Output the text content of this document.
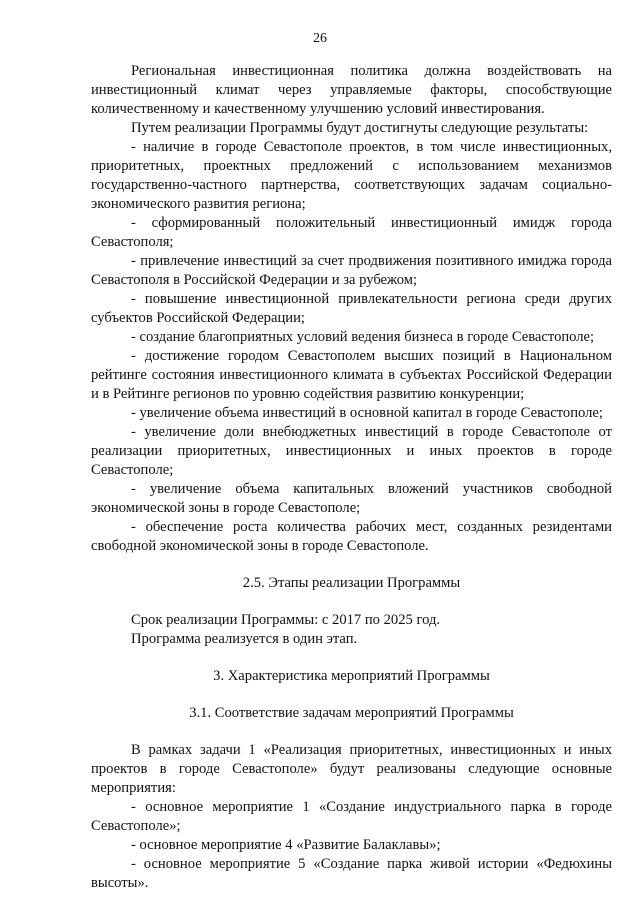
26

Региональная инвестиционная политика должна воздействовать на инвестиционный климат через управляемые факторы, способствующие количественному и качественному улучшению условий инвестирования.

Путем реализации Программы будут достигнуты следующие результаты:

- наличие в городе Севастополе проектов, в том числе инвестиционных, приоритетных, проектных предложений с использованием механизмов государственно-частного партнерства, соответствующих задачам социально-экономического развития региона;

- сформированный положительный инвестиционный имидж города Севастополя;

- привлечение инвестиций за счет продвижения позитивного имиджа города Севастополя в Российской Федерации и за рубежом;

- повышение инвестиционной привлекательности региона среди других субъектов Российской Федерации;

- создание благоприятных условий ведения бизнеса в городе Севастополе;

- достижение городом Севастополем высших позиций в Национальном рейтинге состояния инвестиционного климата в субъектах Российской Федерации и в Рейтинге регионов по уровню содействия развитию конкуренции;

- увеличение объема инвестиций в основной капитал в городе Севастополе;

- увеличение доли внебюджетных инвестиций в городе Севастополе от реализации приоритетных, инвестиционных и иных проектов в городе Севастополе;

- увеличение объема капитальных вложений участников свободной экономической зоны в городе Севастополе;

- обеспечение роста количества рабочих мест, созданных резидентами свободной экономической зоны в городе Севастополе.

2.5. Этапы реализации Программы

Срок реализации Программы: с 2017 по 2025 год.

Программа реализуется в один этап.

3. Характеристика мероприятий Программы

3.1. Соответствие задачам мероприятий Программы

В рамках задачи 1 «Реализация приоритетных, инвестиционных и иных проектов в городе Севастополе» будут реализованы следующие основные мероприятия:

- основное мероприятие 1 «Создание индустриального парка в городе Севастополе»;

- основное мероприятие 4 «Развитие Балаклавы»;

- основное мероприятие 5 «Создание парка живой истории «Федюхины высоты».
